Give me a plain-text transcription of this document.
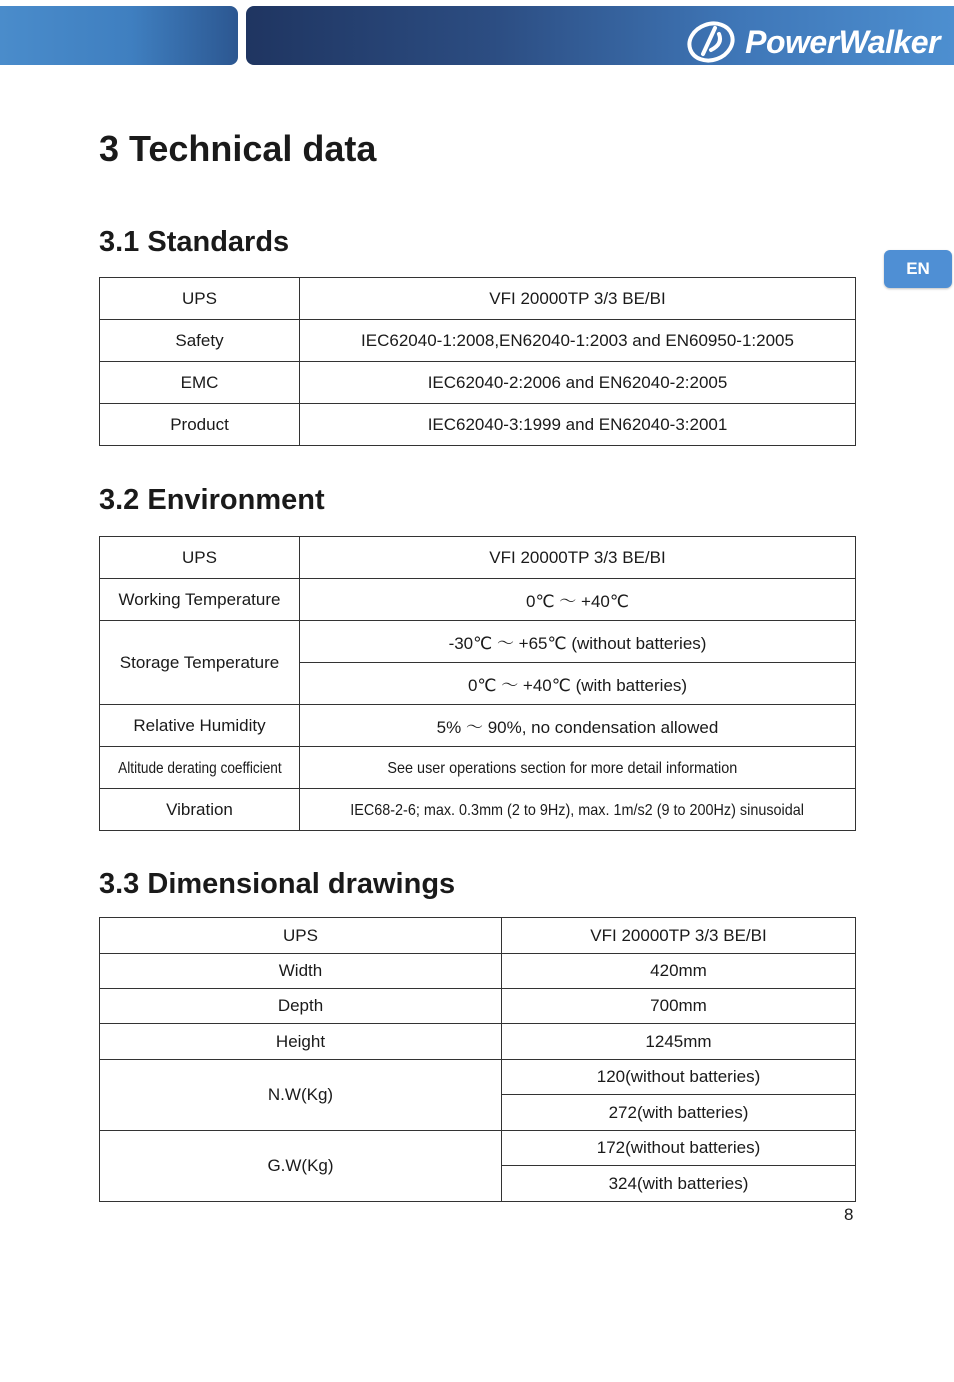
PowerWalker
EN
3 Technical data
3.1 Standards
UPS	VFI 20000TP 3/3 BE/BI
Safety	IEC62040-1:2008,EN62040-1:2003 and EN60950-1:2005
EMC	IEC62040-2:2006 and EN62040-2:2005
Product	IEC62040-3:1999 and EN62040-3:2001
3.2 Environment
UPS	VFI 20000TP 3/3 BE/BI
Working Temperature	0℃ ～ +40℃
Storage Temperature	-30℃ ～ +65℃ (without batteries)
	0℃ ～ +40℃ (with batteries)
Relative Humidity	5% ～ 90%, no condensation allowed
Altitude derating coefficient	See user operations section for more detail information
Vibration	IEC68-2-6; max. 0.3mm (2 to 9Hz), max. 1m/s2 (9 to 200Hz) sinusoidal
3.3 Dimensional drawings
UPS	VFI 20000TP 3/3 BE/BI
Width	420mm
Depth	700mm
Height	1245mm
N.W(Kg)	120(without batteries)
	272(with batteries)
G.W(Kg)	172(without batteries)
	324(with batteries)
8
